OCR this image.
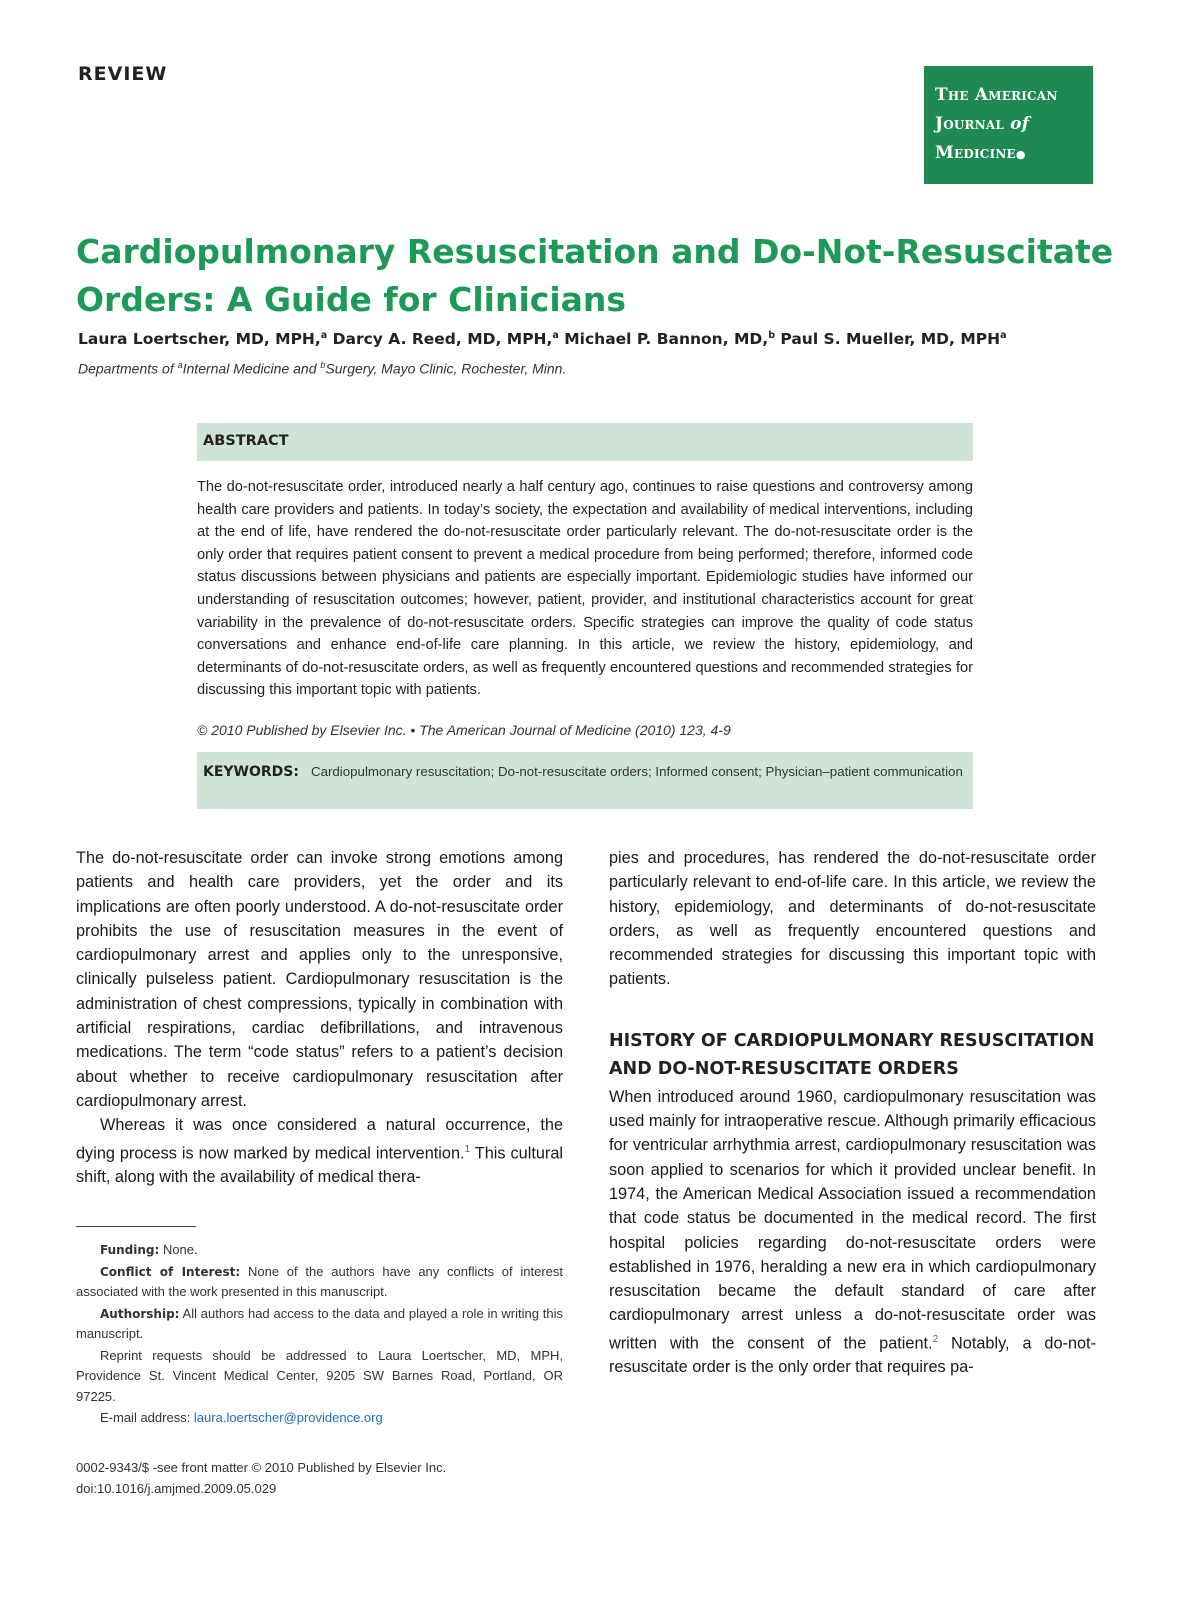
REVIEW
The American
Journal of
Medicine●
Cardiopulmonary Resuscitation and Do-Not-Resuscitate Orders: A Guide for Clinicians
Laura Loertscher, MD, MPH,$^a$ Darcy A. Reed, MD, MPH,$^a$ Michael P. Bannon, MD,$^b$ Paul S. Mueller, MD, MPH$^a$
Departments of $^a$Internal Medicine and $^b$Surgery, Mayo Clinic, Rochester, Minn.
ABSTRACT
The do-not-resuscitate order, introduced nearly a half century ago, continues to raise questions and controversy among health care providers and patients. In today’s society, the expectation and availability of medical interventions, including at the end of life, have rendered the do-not-resuscitate order particularly relevant. The do-not-resuscitate order is the only order that requires patient consent to prevent a medical procedure from being performed; therefore, informed code status discussions between physicians and patients are especially important. Epidemiologic studies have informed our understanding of resuscitation outcomes; however, patient, provider, and institutional characteristics account for great variability in the prevalence of do-not-resuscitate orders. Specific strategies can improve the quality of code status conversations and enhance end-of-life care planning. In this article, we review the history, epidemiology, and determinants of do-not-resuscitate orders, as well as frequently encountered questions and recommended strategies for discussing this important topic with patients.
© 2010 Published by Elsevier Inc. • The American Journal of Medicine (2010) 123, 4-9
KEYWORDS: Cardiopulmonary resuscitation; Do-not-resuscitate orders; Informed consent; Physician–patient communication

The do-not-resuscitate order can invoke strong emotions among patients and health care providers, yet the order and its implications are often poorly understood. A do-not-resuscitate order prohibits the use of resuscitation measures in the event of cardiopulmonary arrest and applies only to the unresponsive, clinically pulseless patient. Cardiopulmonary resuscitation is the administration of chest compressions, typically in combination with artificial respirations, cardiac defibrillations, and intravenous medications. The term “code status” refers to a patient’s decision about whether to receive cardiopulmonary resuscitation after cardiopulmonary arrest.

Whereas it was once considered a natural occurrence, the dying process is now marked by medical intervention.$^1$ This cultural shift, along with the availability of medical thera-

pies and procedures, has rendered the do-not-resuscitate order particularly relevant to end-of-life care. In this article, we review the history, epidemiology, and determinants of do-not-resuscitate orders, as well as frequently encountered questions and recommended strategies for discussing this important topic with patients.

HISTORY OF CARDIOPULMONARY RESUSCITATION AND DO-NOT-RESUSCITATE ORDERS

When introduced around 1960, cardiopulmonary resuscitation was used mainly for intraoperative rescue. Although primarily efficacious for ventricular arrhythmia arrest, cardiopulmonary resuscitation was soon applied to scenarios for which it provided unclear benefit. In 1974, the American Medical Association issued a recommendation that code status be documented in the medical record. The first hospital policies regarding do-not-resuscitate orders were established in 1976, heralding a new era in which cardiopulmonary resuscitation became the default standard of care after cardiopulmonary arrest unless a do-not-resuscitate order was written with the consent of the patient.$^2$ Notably, a do-not-resuscitate order is the only order that requires pa-

Funding: None.

Conflict of Interest: None of the authors have any conflicts of interest associated with the work presented in this manuscript.

Authorship: All authors had access to the data and played a role in writing this manuscript.

Reprint requests should be addressed to Laura Loertscher, MD, MPH, Providence St. Vincent Medical Center, 9205 SW Barnes Road, Portland, OR 97225.

E-mail address: laura.loertscher@providence.org

0002-9343/$ -see front matter © 2010 Published by Elsevier Inc.
doi:10.1016/j.amjmed.2009.05.029
